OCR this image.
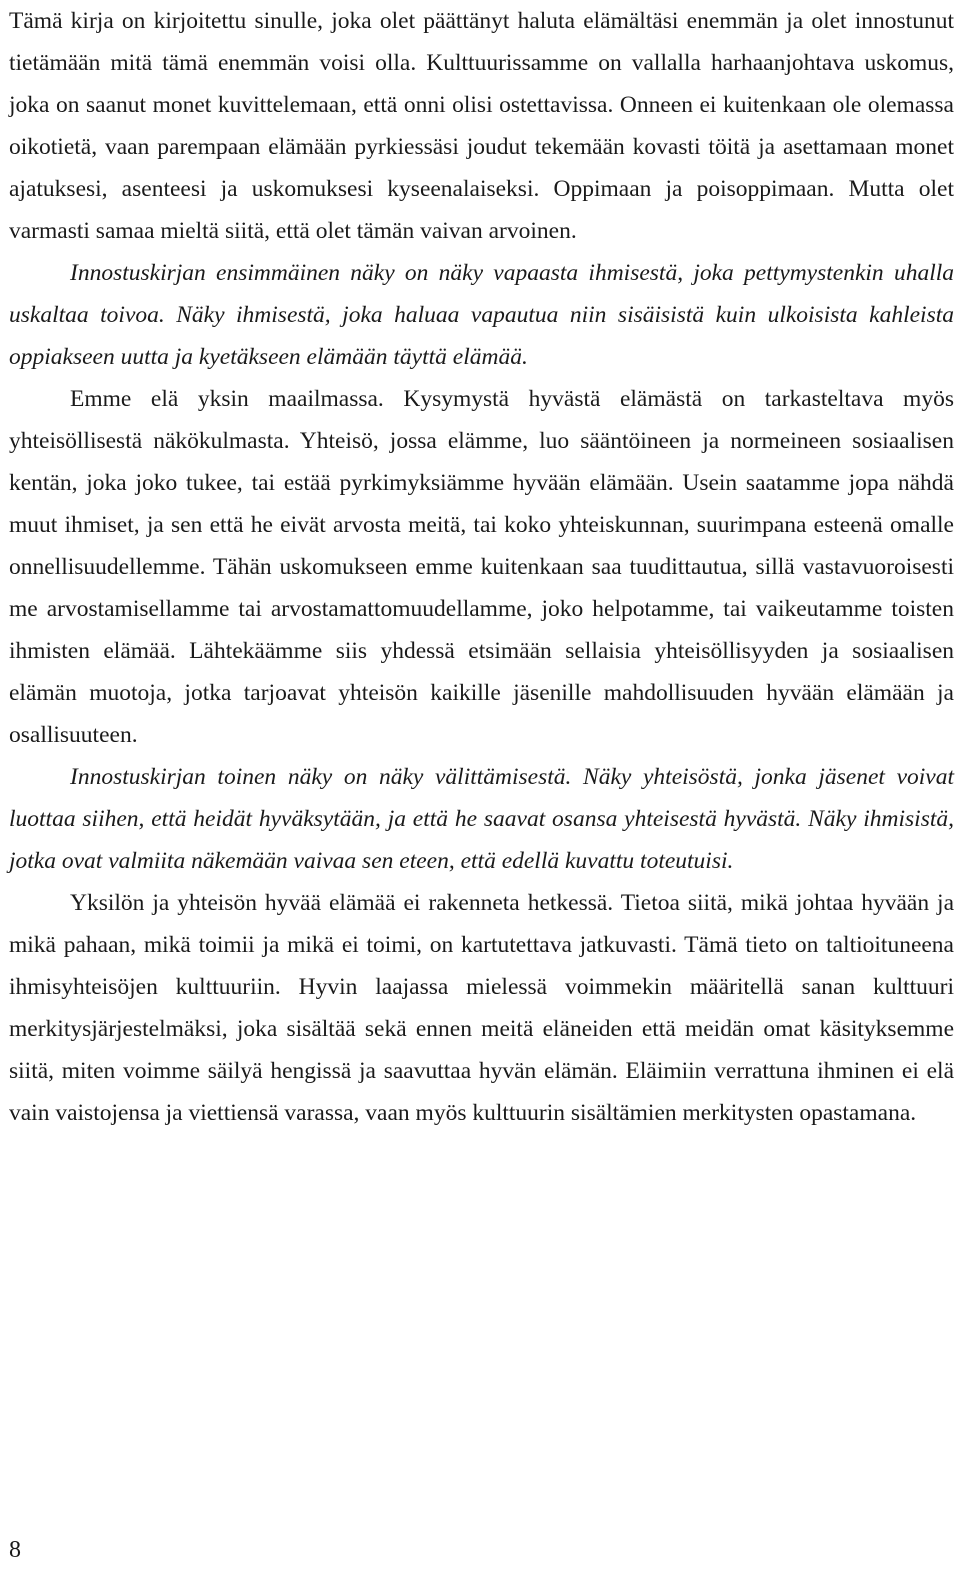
Tämä kirja on kirjoitettu sinulle, joka olet päättänyt haluta elämältäsi enemmän ja olet innostunut tietämään mitä tämä enemmän voisi olla. Kulttuurissamme on vallalla harhaanjohtava uskomus, joka on saanut monet kuvittelemaan, että onni olisi ostettavissa. Onneen ei kuitenkaan ole olemassa oikotietä, vaan parempaan elämään pyrkiessäsi joudut tekemään kovasti töitä ja asettamaan monet ajatuksesi, asenteesi ja uskomuksesi kyseenalaiseksi. Oppimaan ja poisoppimaan. Mutta olet varmasti samaa mieltä siitä, että olet tämän vaivan arvoinen.

Innostuskirjan ensimmäinen näky on näky vapaasta ihmisestä, joka pettymystenkin uhalla uskaltaa toivoa. Näky ihmisestä, joka haluaa vapautua niin sisäisistä kuin ulkoisista kahleista oppiakseen uutta ja kyetäkseen elämään täyttä elämää.

Emme elä yksin maailmassa. Kysymystä hyvästä elämästä on tarkasteltava myös yhteisöllisestä näkökulmasta. Yhteisö, jossa elämme, luo sääntöineen ja normeineen sosiaalisen kentän, joka joko tukee, tai estää pyrkimyksiämme hyvään elämään. Usein saatamme jopa nähdä muut ihmiset, ja sen että he eivät arvosta meitä, tai koko yhteiskunnan, suurimpana esteenä omalle onnellisuudellemme. Tähän uskomukseen emme kuitenkaan saa tuudittautua, sillä vastavuoroisesti me arvostamisellamme tai arvostamattomuudellamme, joko helpotamme, tai vaikeutamme toisten ihmisten elämää. Lähtekäämme siis yhdessä etsimään sellaisia yhteisöllisyyden ja sosiaalisen elämän muotoja, jotka tarjoavat yhteisön kaikille jäsenille mahdollisuuden hyvään elämään ja osallisuuteen.

Innostuskirjan toinen näky on näky välittämisestä. Näky yhteisöstä, jonka jäsenet voivat luottaa siihen, että heidät hyväksytään, ja että he saavat osansa yhteisestä hyvästä. Näky ihmisistä, jotka ovat valmiita näkemään vaivaa sen eteen, että edellä kuvattu toteutuisi.

Yksilön ja yhteisön hyvää elämää ei rakenneta hetkessä. Tietoa siitä, mikä johtaa hyvään ja mikä pahaan, mikä toimii ja mikä ei toimi, on kartutettava jatkuvasti. Tämä tieto on taltioituneena ihmisyhteisöjen kulttuuriin. Hyvin laajassa mielessä voimmekin määritellä sanan kulttuuri merkitysjärjestelmäksi, joka sisältää sekä ennen meitä eläneiden että meidän omat käsityksemme siitä, miten voimme säilyä hengissä ja saavuttaa hyvän elämän. Eläimiin verrattuna ihminen ei elä vain vaistojensa ja viettiensä varassa, vaan myös kulttuurin sisältämien merkitysten opastamana.

8
